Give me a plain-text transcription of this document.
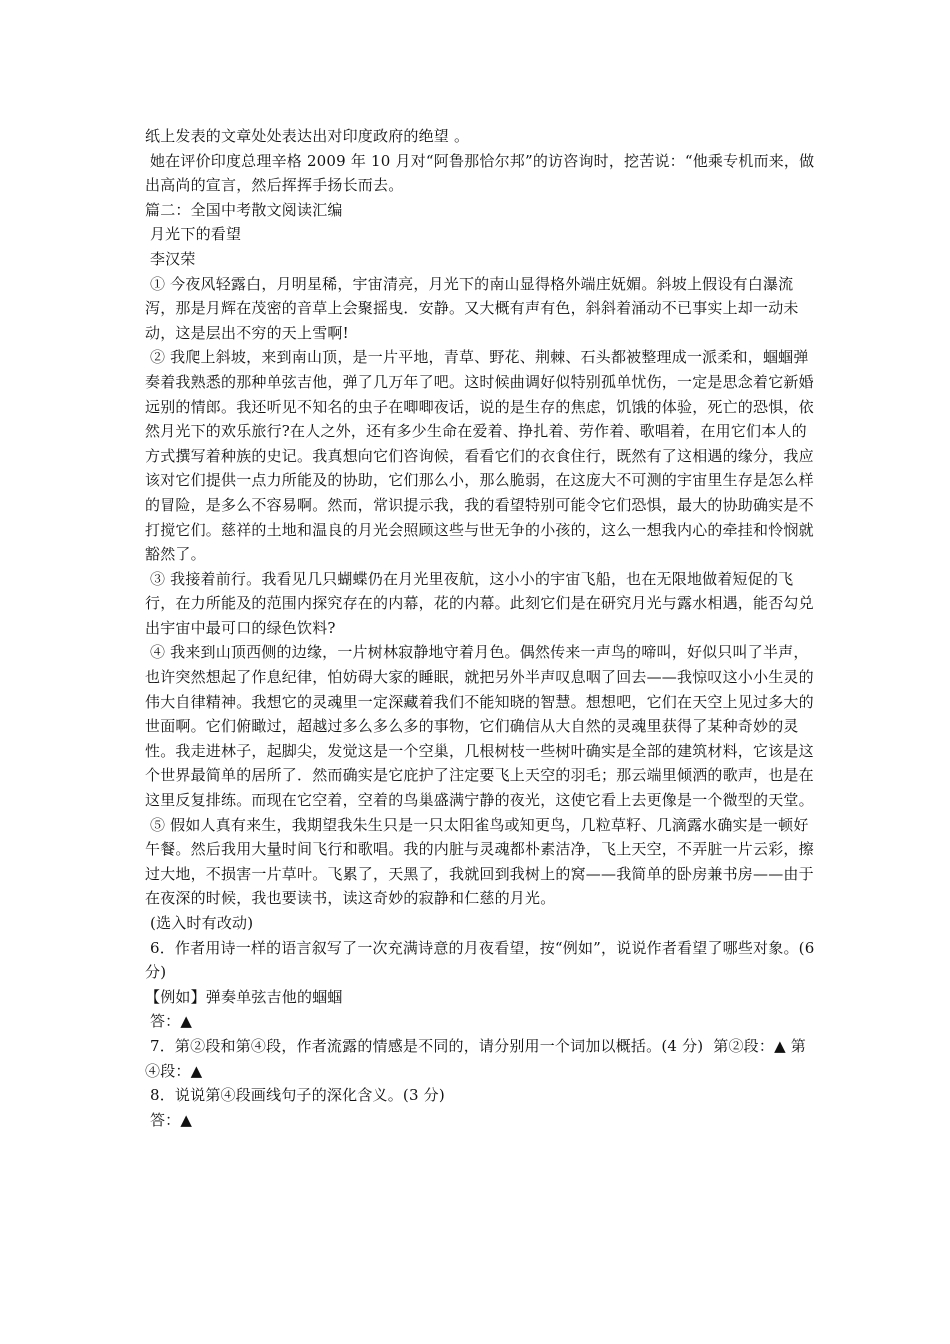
纸上发表的文章处处表达出对印度政府的绝望 。
她在评价印度总理辛格 2009 年 10 月对“阿鲁那恰尔邦”的访咨询时，挖苦说：“他乘专机而来，做出高尚的宣言，然后挥挥手扬长而去。
篇二：全国中考散文阅读汇编
月光下的看望
李汉荣
① 今夜风轻露白，月明星稀，宇宙清亮，月光下的南山显得格外端庄妩媚。斜坡上假设有白瀑流泻，那是月辉在茂密的音草上会聚摇曳．安静。又大概有声有色，斜斜着涌动不已事实上却一动未动，这是层出不穷的天上雪啊!
② 我爬上斜坡，来到南山顶，是一片平地，青草、野花、荆棘、石头都被整理成一派柔和，蝈蝈弹奏着我熟悉的那种单弦吉他，弹了几万年了吧。这时候曲调好似特别孤单忧伤，一定是思念着它新婚远别的情郎。我还听见不知名的虫子在唧唧夜话，说的是生存的焦虑，饥饿的体验，死亡的恐惧，依然月光下的欢乐旅行?在人之外，还有多少生命在爱着、挣扎着、劳作着、歌唱着，在用它们本人的方式撰写着种族的史记。我真想向它们咨询候，看看它们的衣食住行，既然有了这相遇的缘分，我应该对它们提供一点力所能及的协助，它们那么小，那么脆弱，在这庞大不可测的宇宙里生存是怎么样的冒险，是多么不容易啊。然而，常识提示我，我的看望特别可能令它们恐惧，最大的协助确实是不打搅它们。慈祥的土地和温良的月光会照顾这些与世无争的小孩的，这么一想我内心的牵挂和怜悯就豁然了。
③ 我接着前行。我看见几只蝴蝶仍在月光里夜航，这小小的宇宙飞船，也在无限地做着短促的飞行，在力所能及的范围内探究存在的内幕，花的内幕。此刻它们是在研究月光与露水相遇，能否勾兑出宇宙中最可口的绿色饮料?
④ 我来到山顶西侧的边缘，一片树林寂静地守着月色。偶然传来一声鸟的啼叫，好似只叫了半声，也许突然想起了作息纪律，怕妨碍大家的睡眠，就把另外半声叹息咽了回去——我惊叹这小小生灵的伟大自律精神。我想它的灵魂里一定深藏着我们不能知晓的智慧。想想吧，它们在天空上见过多大的世面啊。它们俯瞰过，超越过多么多么多的事物，它们确信从大自然的灵魂里获得了某种奇妙的灵性。我走进林子，起脚尖，发觉这是一个空巢，几根树枝一些树叶确实是全部的建筑材料，它该是这个世界最简单的居所了．然而确实是它庇护了注定要飞上天空的羽毛；那云端里倾洒的歌声，也是在这里反复排练。而现在它空着，空着的鸟巢盛满宁静的夜光，这使它看上去更像是一个微型的天堂。
⑤ 假如人真有来生，我期望我朱生只是一只太阳雀鸟或知更鸟，几粒草籽、几滴露水确实是一顿好午餐。然后我用大量时间飞行和歌唱。我的内脏与灵魂都朴素洁净，飞上天空，不弄脏一片云彩，擦过大地，不损害一片草叶。飞累了，天黑了，我就回到我树上的窝——我简单的卧房兼书房——由于在夜深的时候，我也要读书，读这奇妙的寂静和仁慈的月光。
(选入时有改动)
6．作者用诗一样的语言叙写了一次充满诗意的月夜看望，按“例如”，说说作者看望了哪些对象。(6 分)
【例如】弹奏单弦吉他的蝈蝈
答：▲
7．第②段和第④段，作者流露的情感是不同的，请分别用一个词加以概括。(4 分)  第②段：▲ 第④段：▲
8．说说第④段画线句子的深化含义。(3 分)
答：▲
